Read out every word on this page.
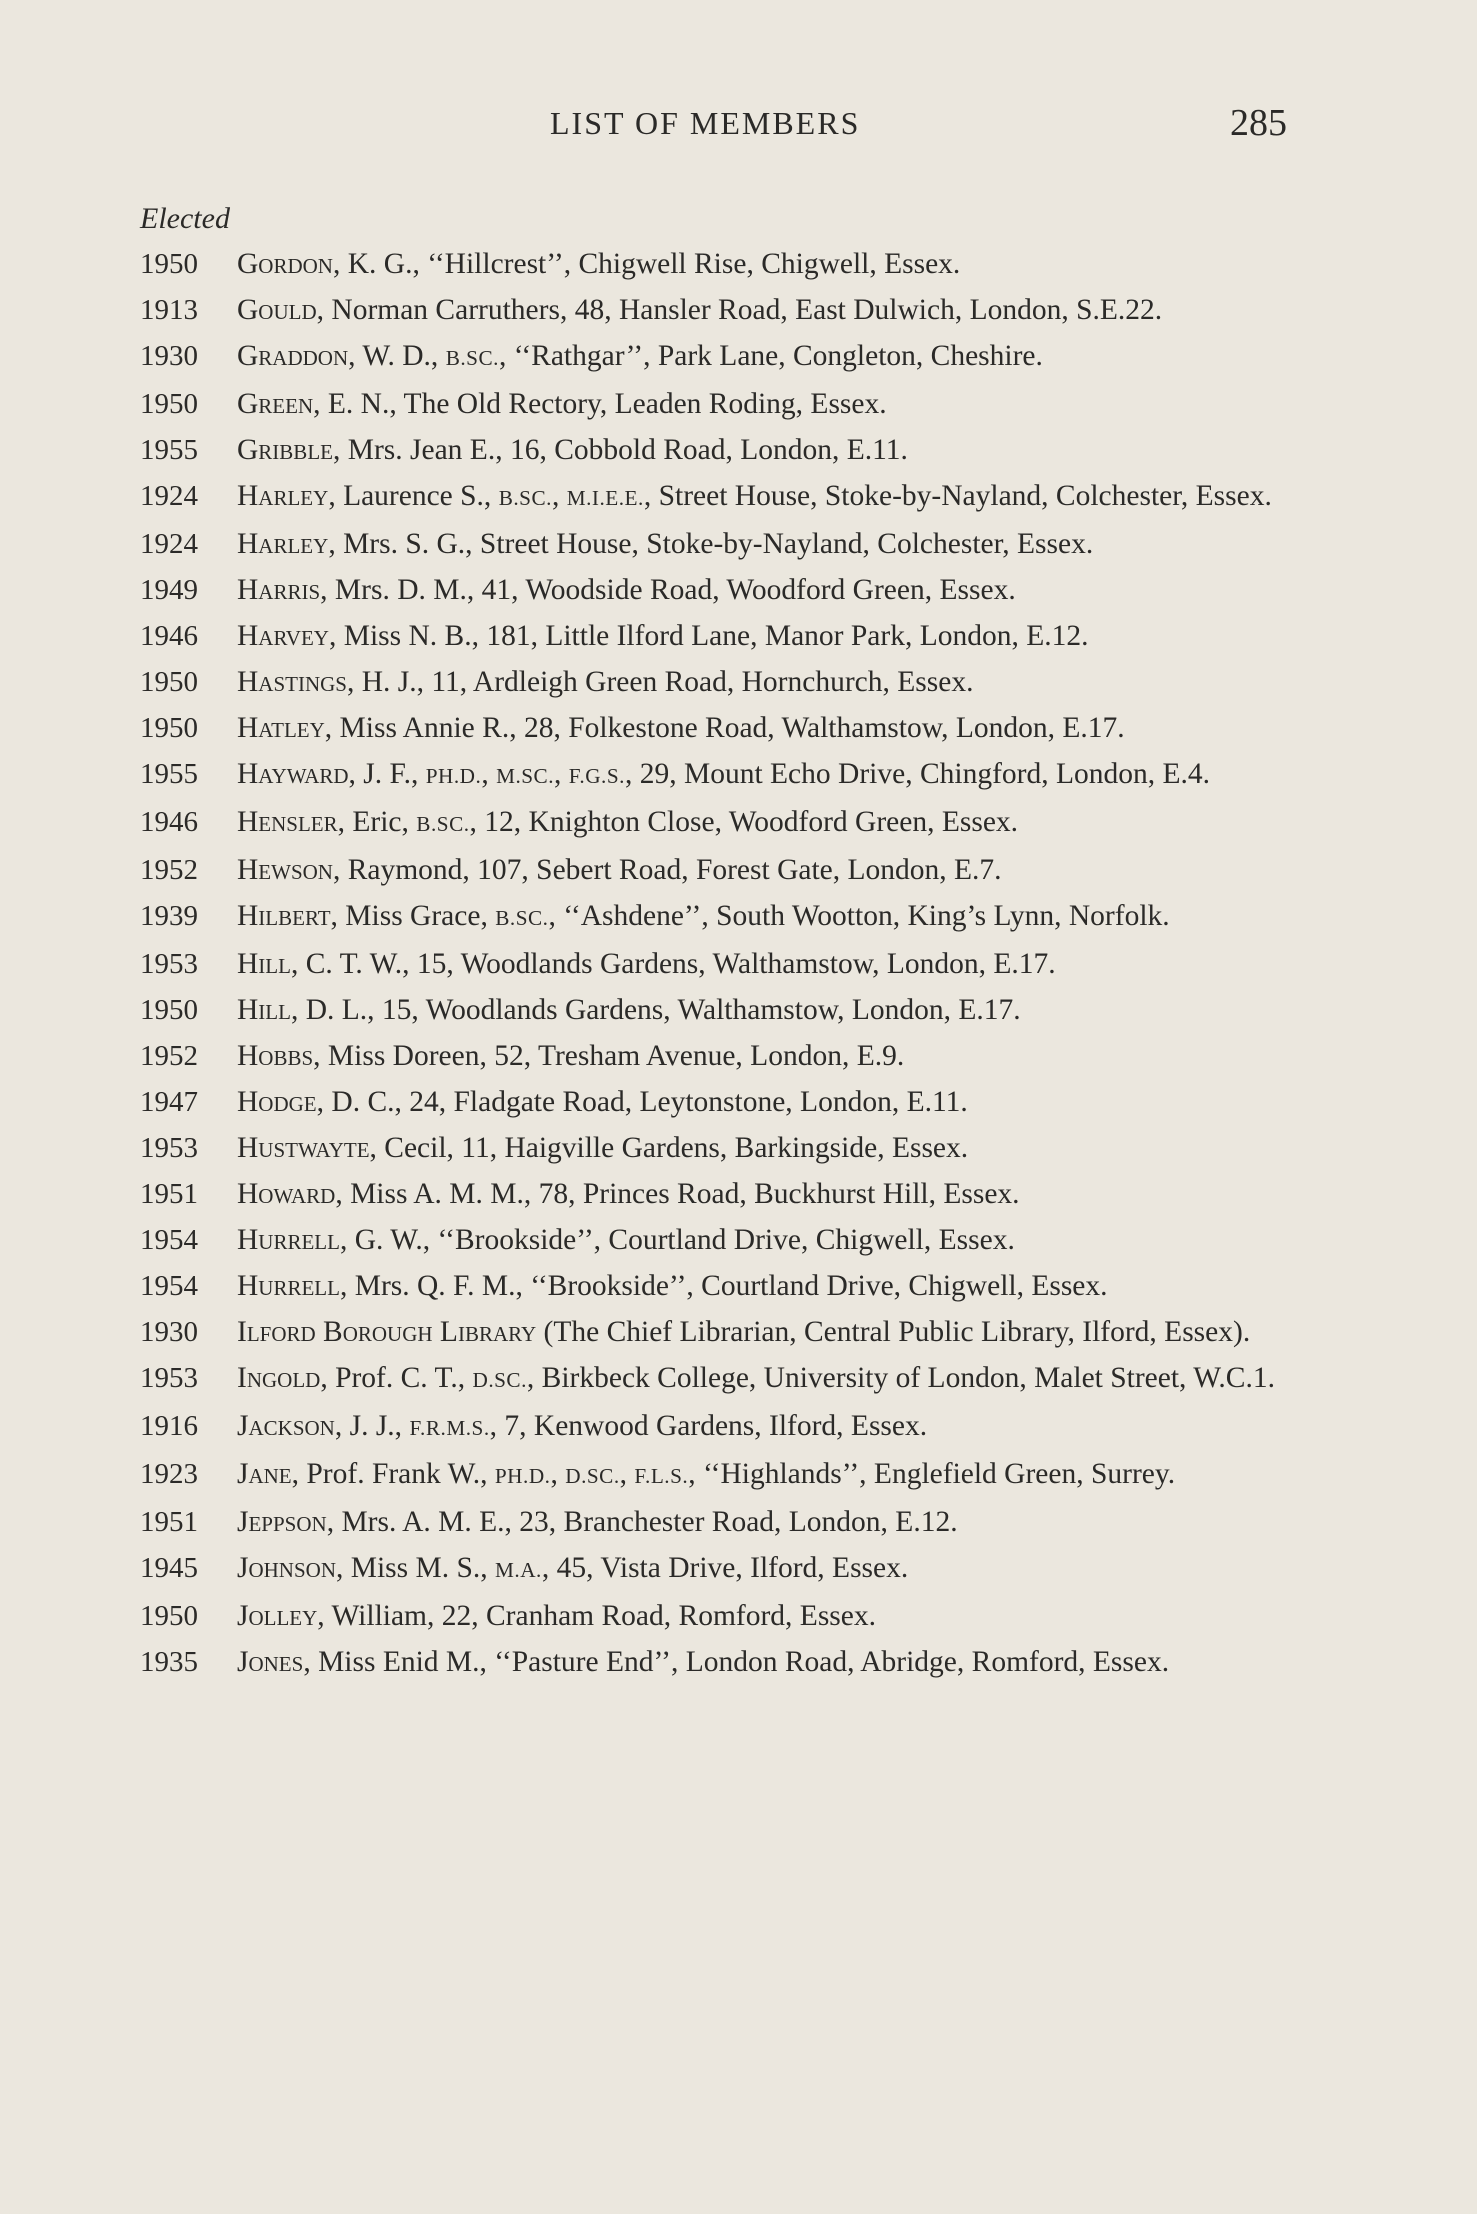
LIST OF MEMBERS	285
Elected
1950	Gordon, K. G., ‘‘Hillcrest’’, Chigwell Rise, Chigwell, Essex.
1913	Gould, Norman Carruthers, 48, Hansler Road, East Dulwich, London, S.E.22.
1930	Graddon, W. D., B.SC., ‘‘Rathgar’’, Park Lane, Congleton, Cheshire.
1950	Green, E. N., The Old Rectory, Leaden Roding, Essex.
1955	Gribble, Mrs. Jean E., 16, Cobbold Road, London, E.11.
1924	Harley, Laurence S., B.SC., M.I.E.E., Street House, Stoke-by-Nayland, Colchester, Essex.
1924	Harley, Mrs. S. G., Street House, Stoke-by-Nayland, Colchester, Essex.
1949	Harris, Mrs. D. M., 41, Woodside Road, Woodford Green, Essex.
1946	Harvey, Miss N. B., 181, Little Ilford Lane, Manor Park, London, E.12.
1950	Hastings, H. J., 11, Ardleigh Green Road, Hornchurch, Essex.
1950	Hatley, Miss Annie R., 28, Folkestone Road, Walthamstow, London, E.17.
1955	Hayward, J. F., PH.D., M.SC., F.G.S., 29, Mount Echo Drive, Chingford, London, E.4.
1946	Hensler, Eric, B.SC., 12, Knighton Close, Woodford Green, Essex.
1952	Hewson, Raymond, 107, Sebert Road, Forest Gate, London, E.7.
1939	Hilbert, Miss Grace, B.SC., ‘‘Ashdene’’, South Wootton, King’s Lynn, Norfolk.
1953	Hill, C. T. W., 15, Woodlands Gardens, Walthamstow, London, E.17.
1950	Hill, D. L., 15, Woodlands Gardens, Walthamstow, London, E.17.
1952	Hobbs, Miss Doreen, 52, Tresham Avenue, London, E.9.
1947	Hodge, D. C., 24, Fladgate Road, Leytonstone, London, E.11.
1953	Hustwayte, Cecil, 11, Haigville Gardens, Barkingside, Essex.
1951	Howard, Miss A. M. M., 78, Princes Road, Buckhurst Hill, Essex.
1954	Hurrell, G. W., ‘‘Brookside’’, Courtland Drive, Chigwell, Essex.
1954	Hurrell, Mrs. Q. F. M., ‘‘Brookside’’, Courtland Drive, Chigwell, Essex.
1930	Ilford Borough Library (The Chief Librarian, Central Public Library, Ilford, Essex).
1953	Ingold, Prof. C. T., D.SC., Birkbeck College, University of London, Malet Street, W.C.1.
1916	Jackson, J. J., F.R.M.S., 7, Kenwood Gardens, Ilford, Essex.
1923	Jane, Prof. Frank W., PH.D., D.SC., F.L.S., ‘‘Highlands’’, Englefield Green, Surrey.
1951	Jeppson, Mrs. A. M. E., 23, Branchester Road, London, E.12.
1945	Johnson, Miss M. S., M.A., 45, Vista Drive, Ilford, Essex.
1950	Jolley, William, 22, Cranham Road, Romford, Essex.
1935	Jones, Miss Enid M., ‘‘Pasture End’’, London Road, Abridge, Romford, Essex.
